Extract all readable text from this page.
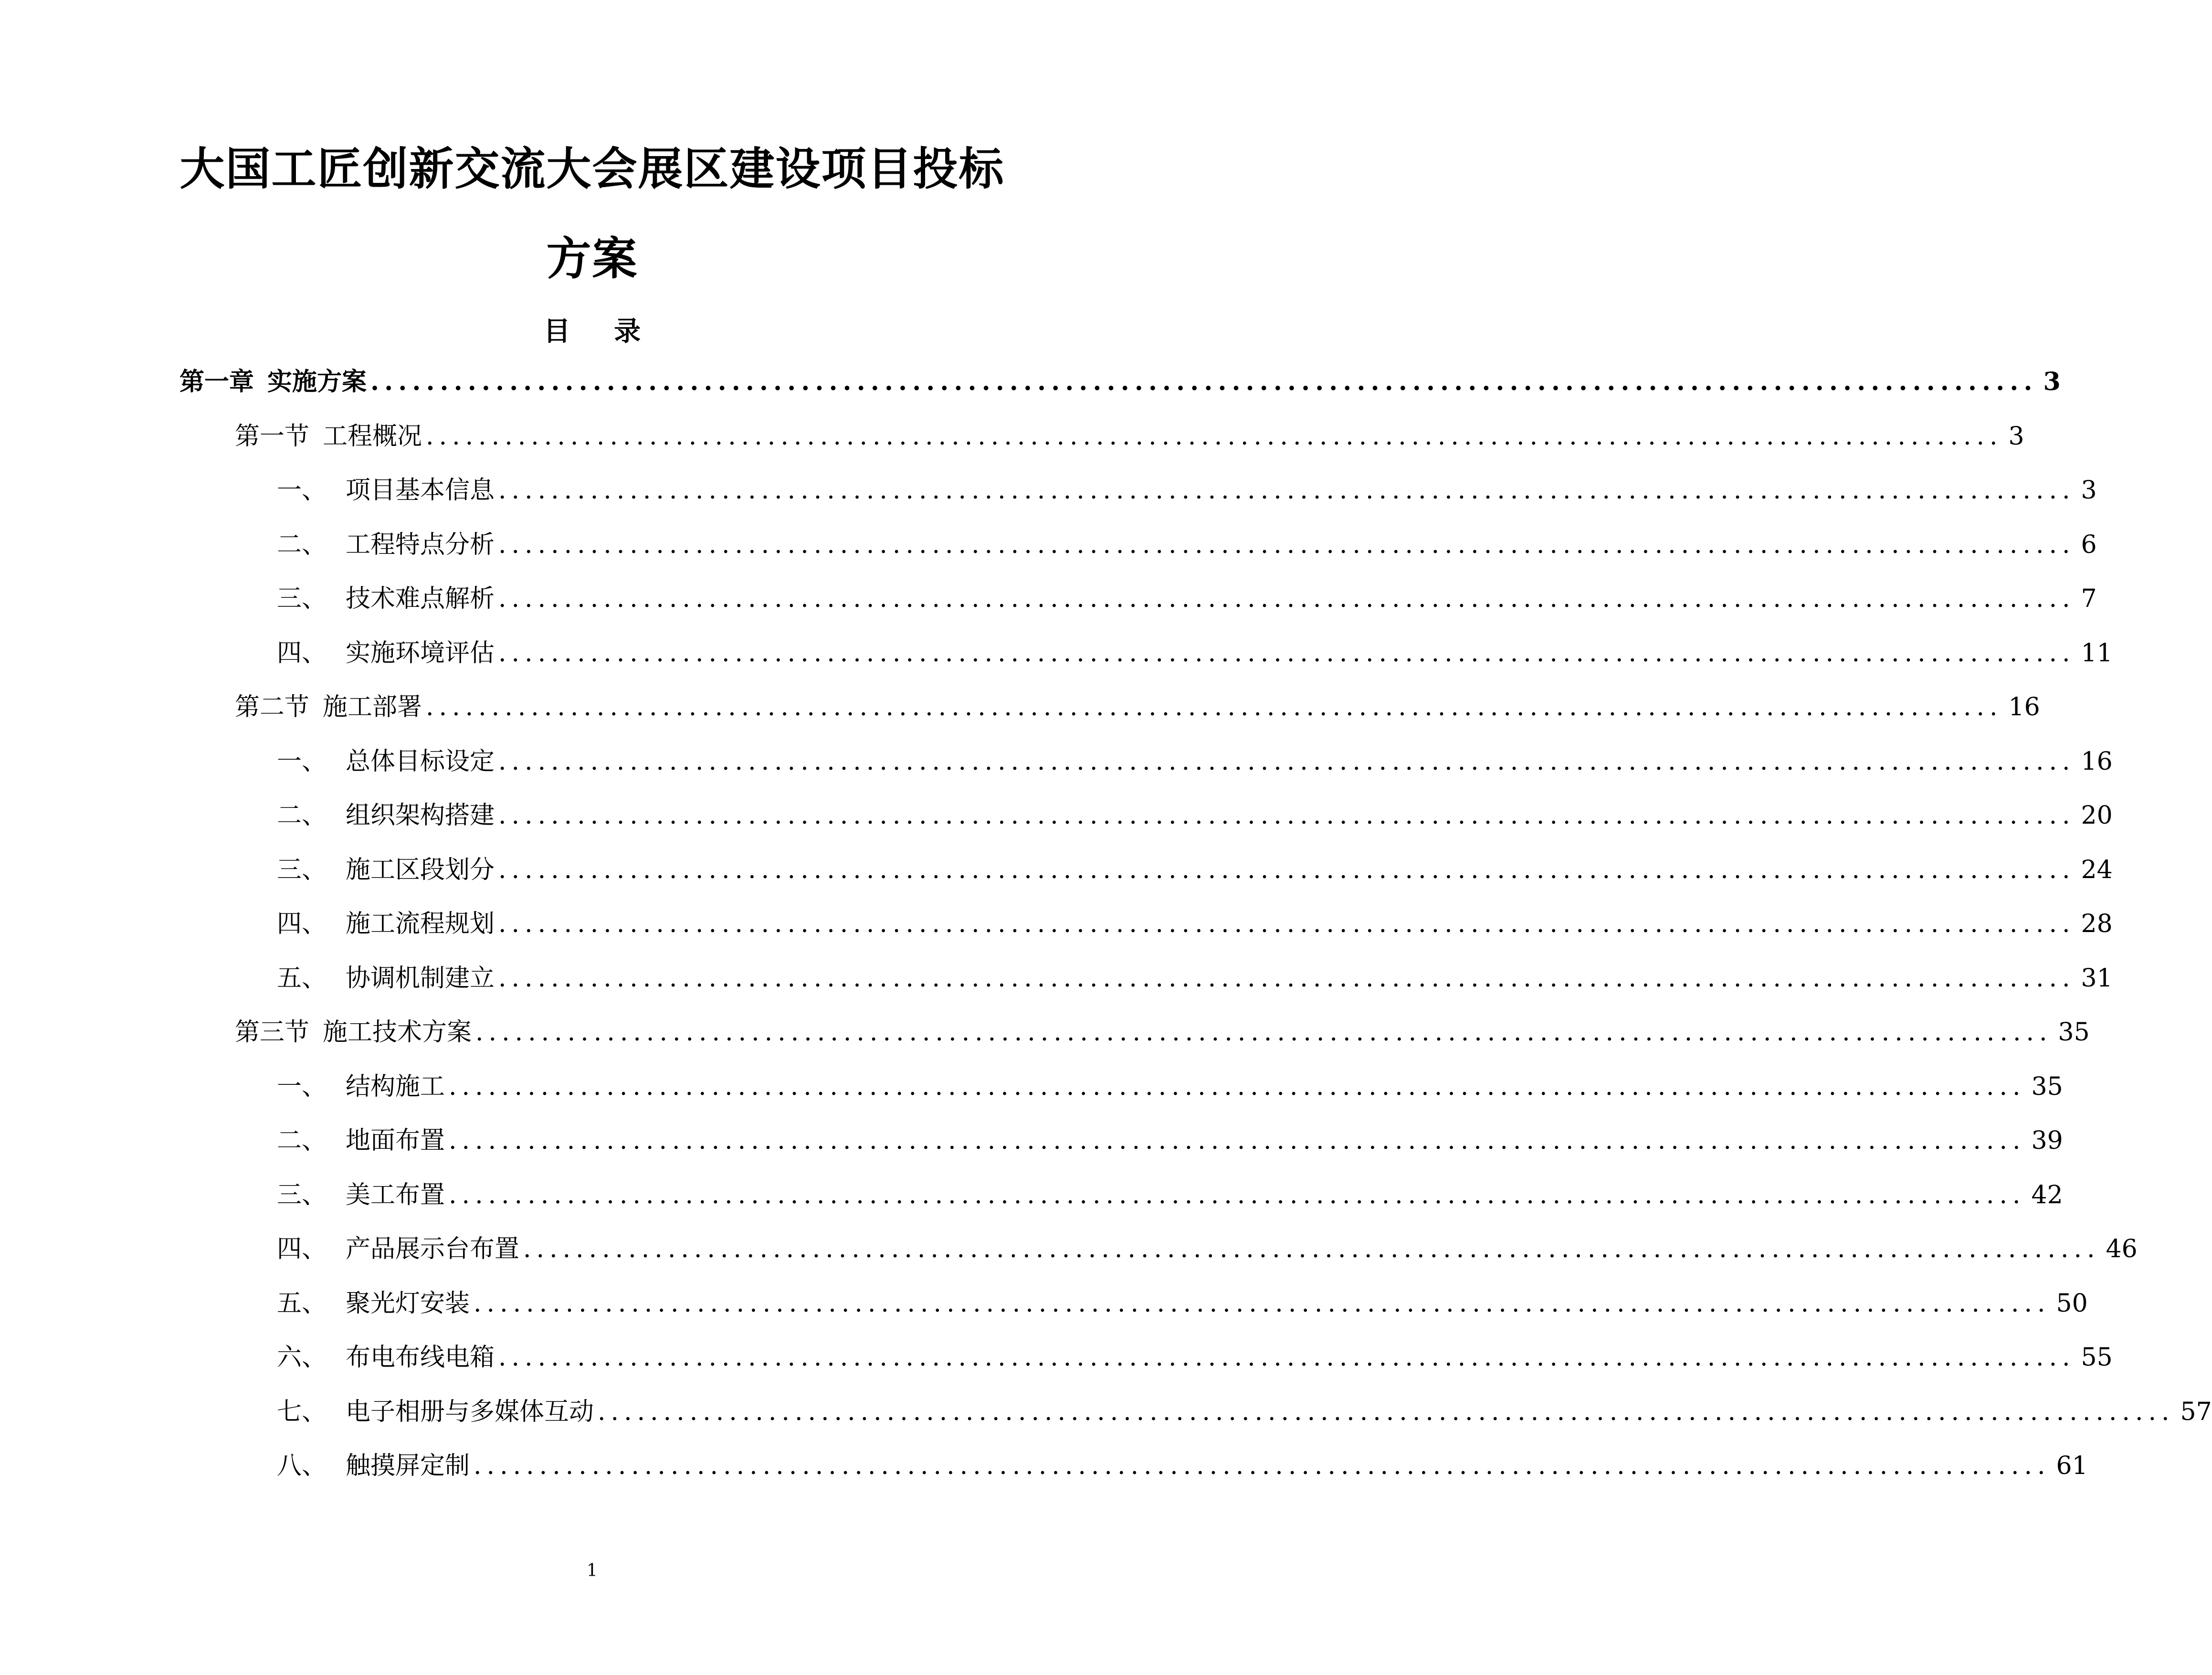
大国工匠创新交流大会展区建设项目投标
方案
目 录
第一章 实施方案 ........................................................................................................................ 3
第一节 工程概况 ........................................................................................................................ 3
一、 项目基本信息 ........................................................................................................................ 3
二、 工程特点分析 ........................................................................................................................ 6
三、 技术难点解析 ........................................................................................................................ 7
四、 实施环境评估 ........................................................................................................................ 11
第二节 施工部署 ........................................................................................................................ 16
一、 总体目标设定 ........................................................................................................................ 16
二、 组织架构搭建 ........................................................................................................................ 20
三、 施工区段划分 ........................................................................................................................ 24
四、 施工流程规划 ........................................................................................................................ 28
五、 协调机制建立 ........................................................................................................................ 31
第三节 施工技术方案 ........................................................................................................................ 35
一、 结构施工 ........................................................................................................................ 35
二、 地面布置 ........................................................................................................................ 39
三、 美工布置 ........................................................................................................................ 42
四、 产品展示台布置 ........................................................................................................................ 46
五、 聚光灯安装 ........................................................................................................................ 50
六、 布电布线电箱 ........................................................................................................................ 55
七、 电子相册与多媒体互动 ........................................................................................................................ 57
八、 触摸屏定制 ........................................................................................................................ 61
1
